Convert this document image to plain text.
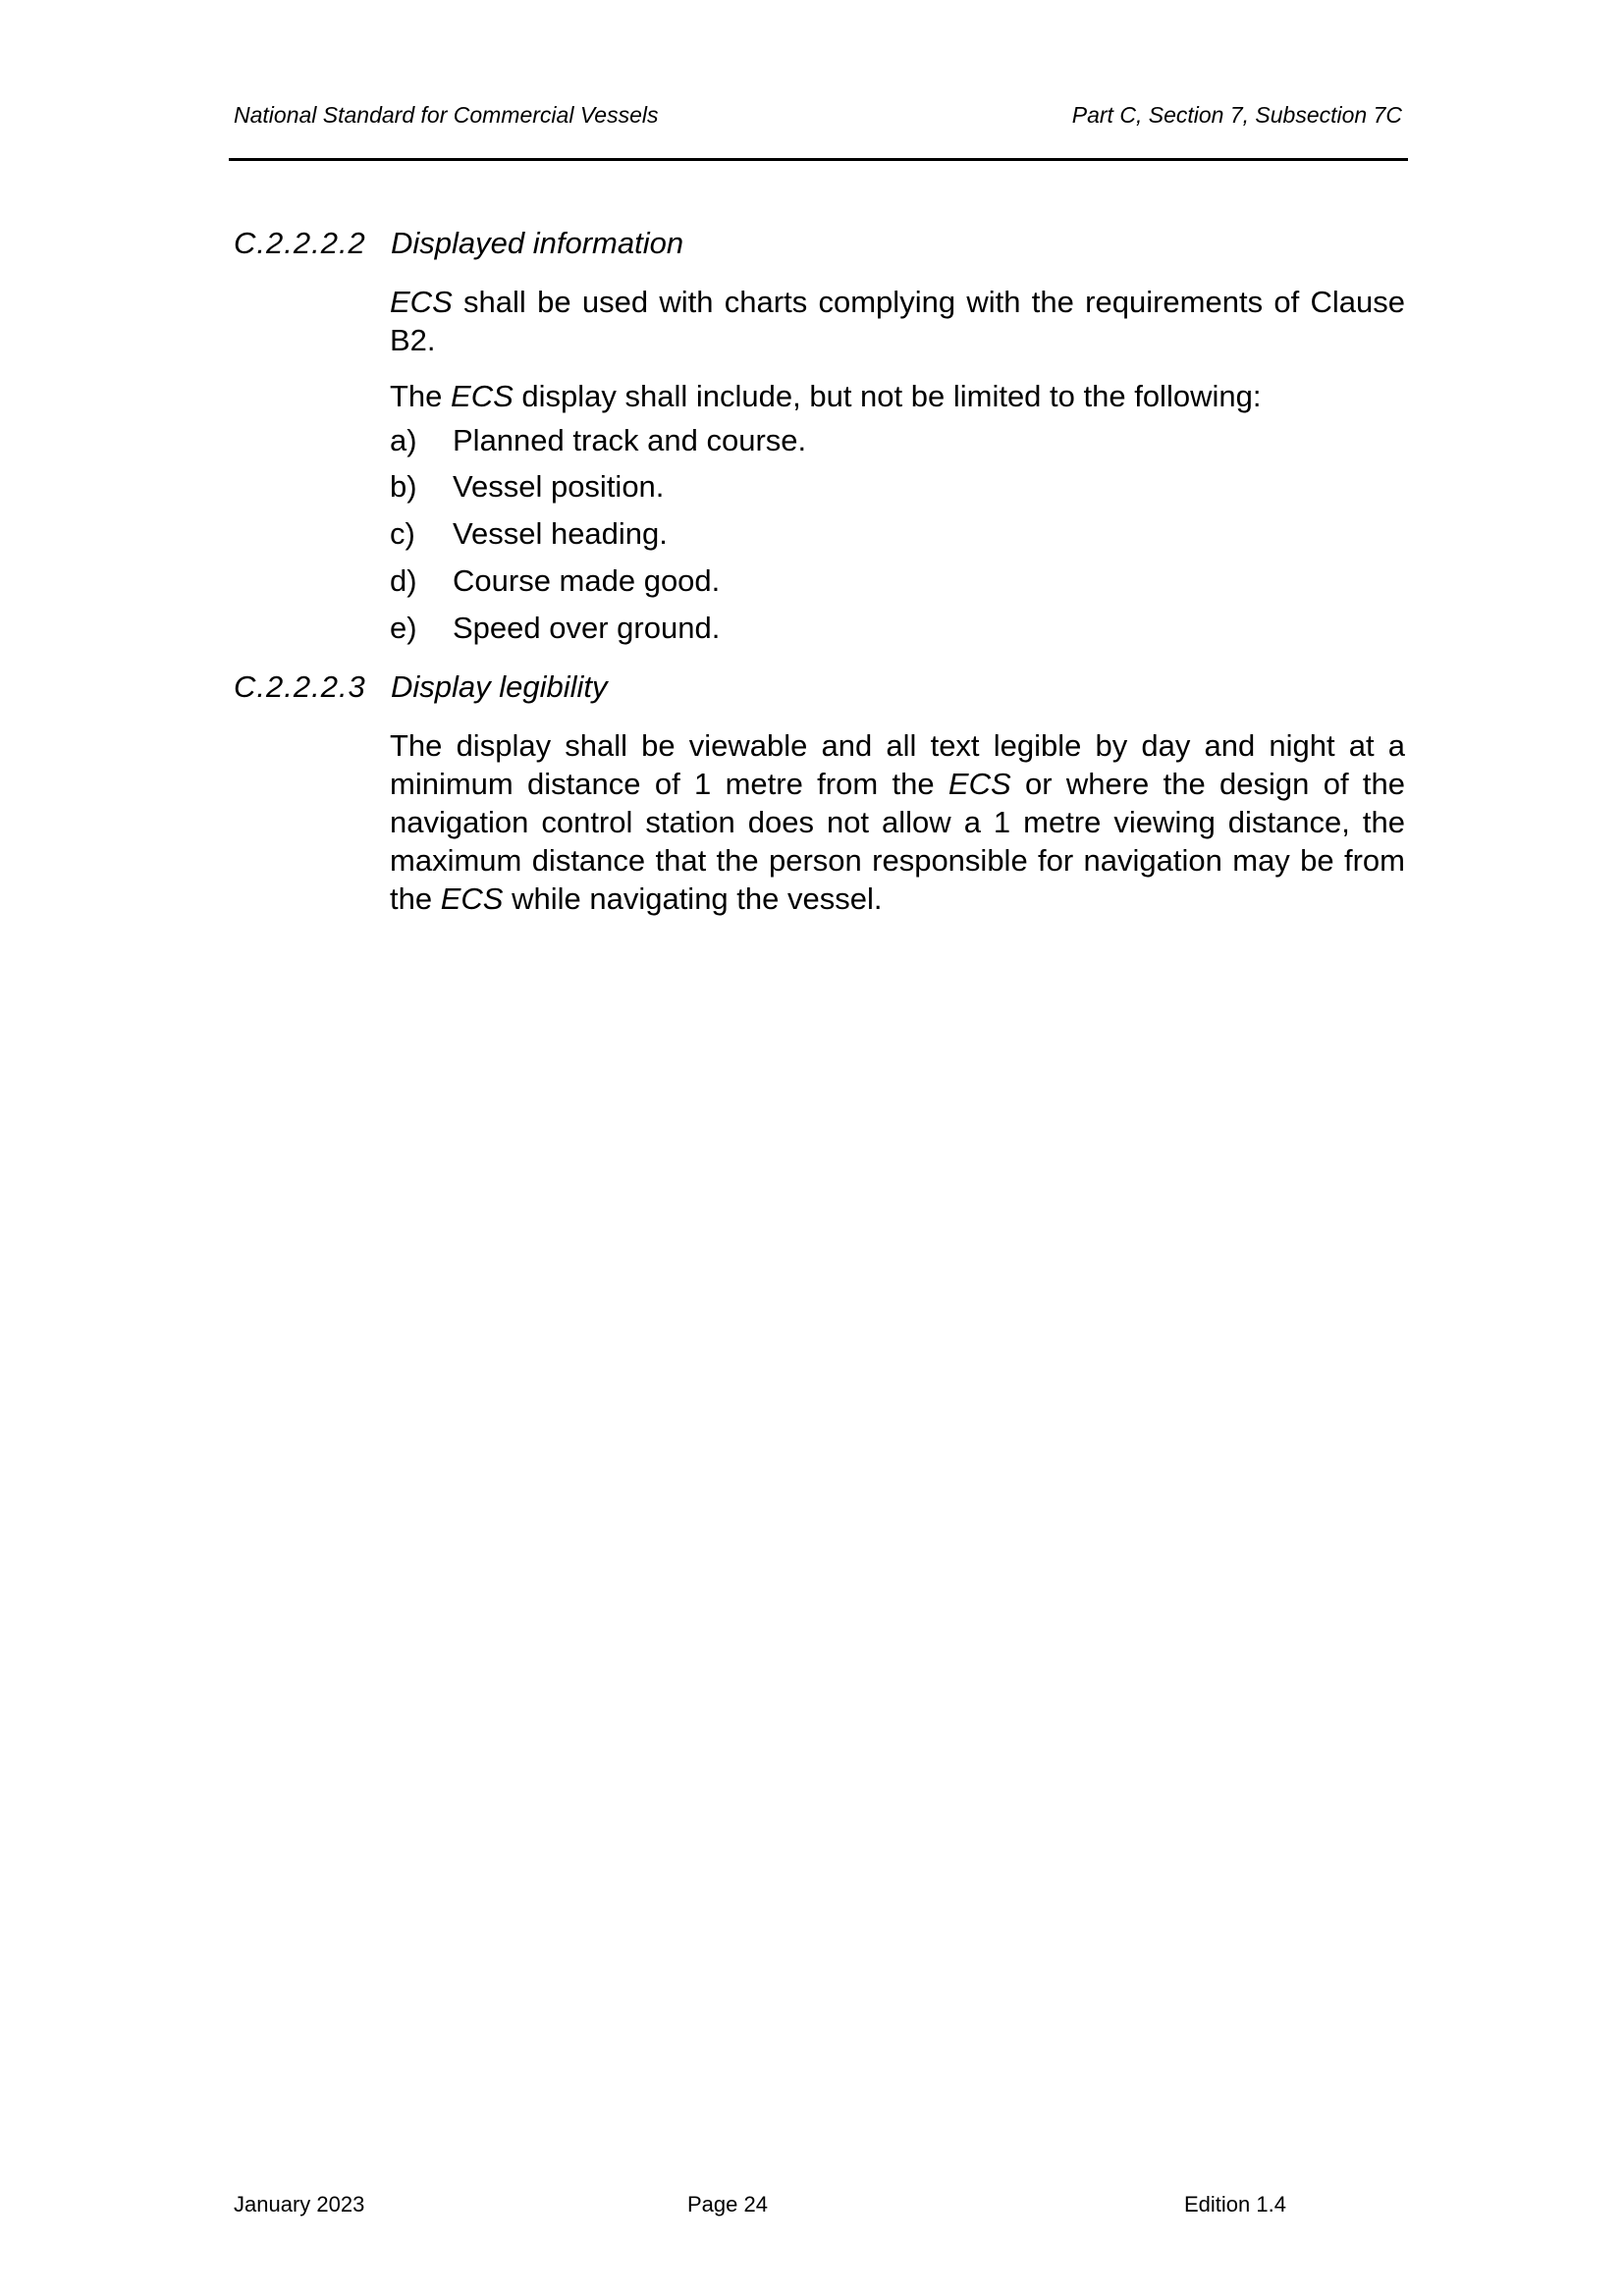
National Standard for Commercial Vessels	Part C, Section 7, Subsection 7C
C.2.2.2.2 Displayed information

ECS shall be used with charts complying with the requirements of Clause B2.

The ECS display shall include, but not be limited to the following:

a) Planned track and course.
b) Vessel position.
c) Vessel heading.
d) Course made good.
e) Speed over ground.
C.2.2.2.3 Display legibility

The display shall be viewable and all text legible by day and night at a minimum distance of 1 metre from the ECS or where the design of the navigation control station does not allow a 1 metre viewing distance, the maximum distance that the person responsible for navigation may be from the ECS while navigating the vessel.

January 2023	Page 24	Edition 1.4
